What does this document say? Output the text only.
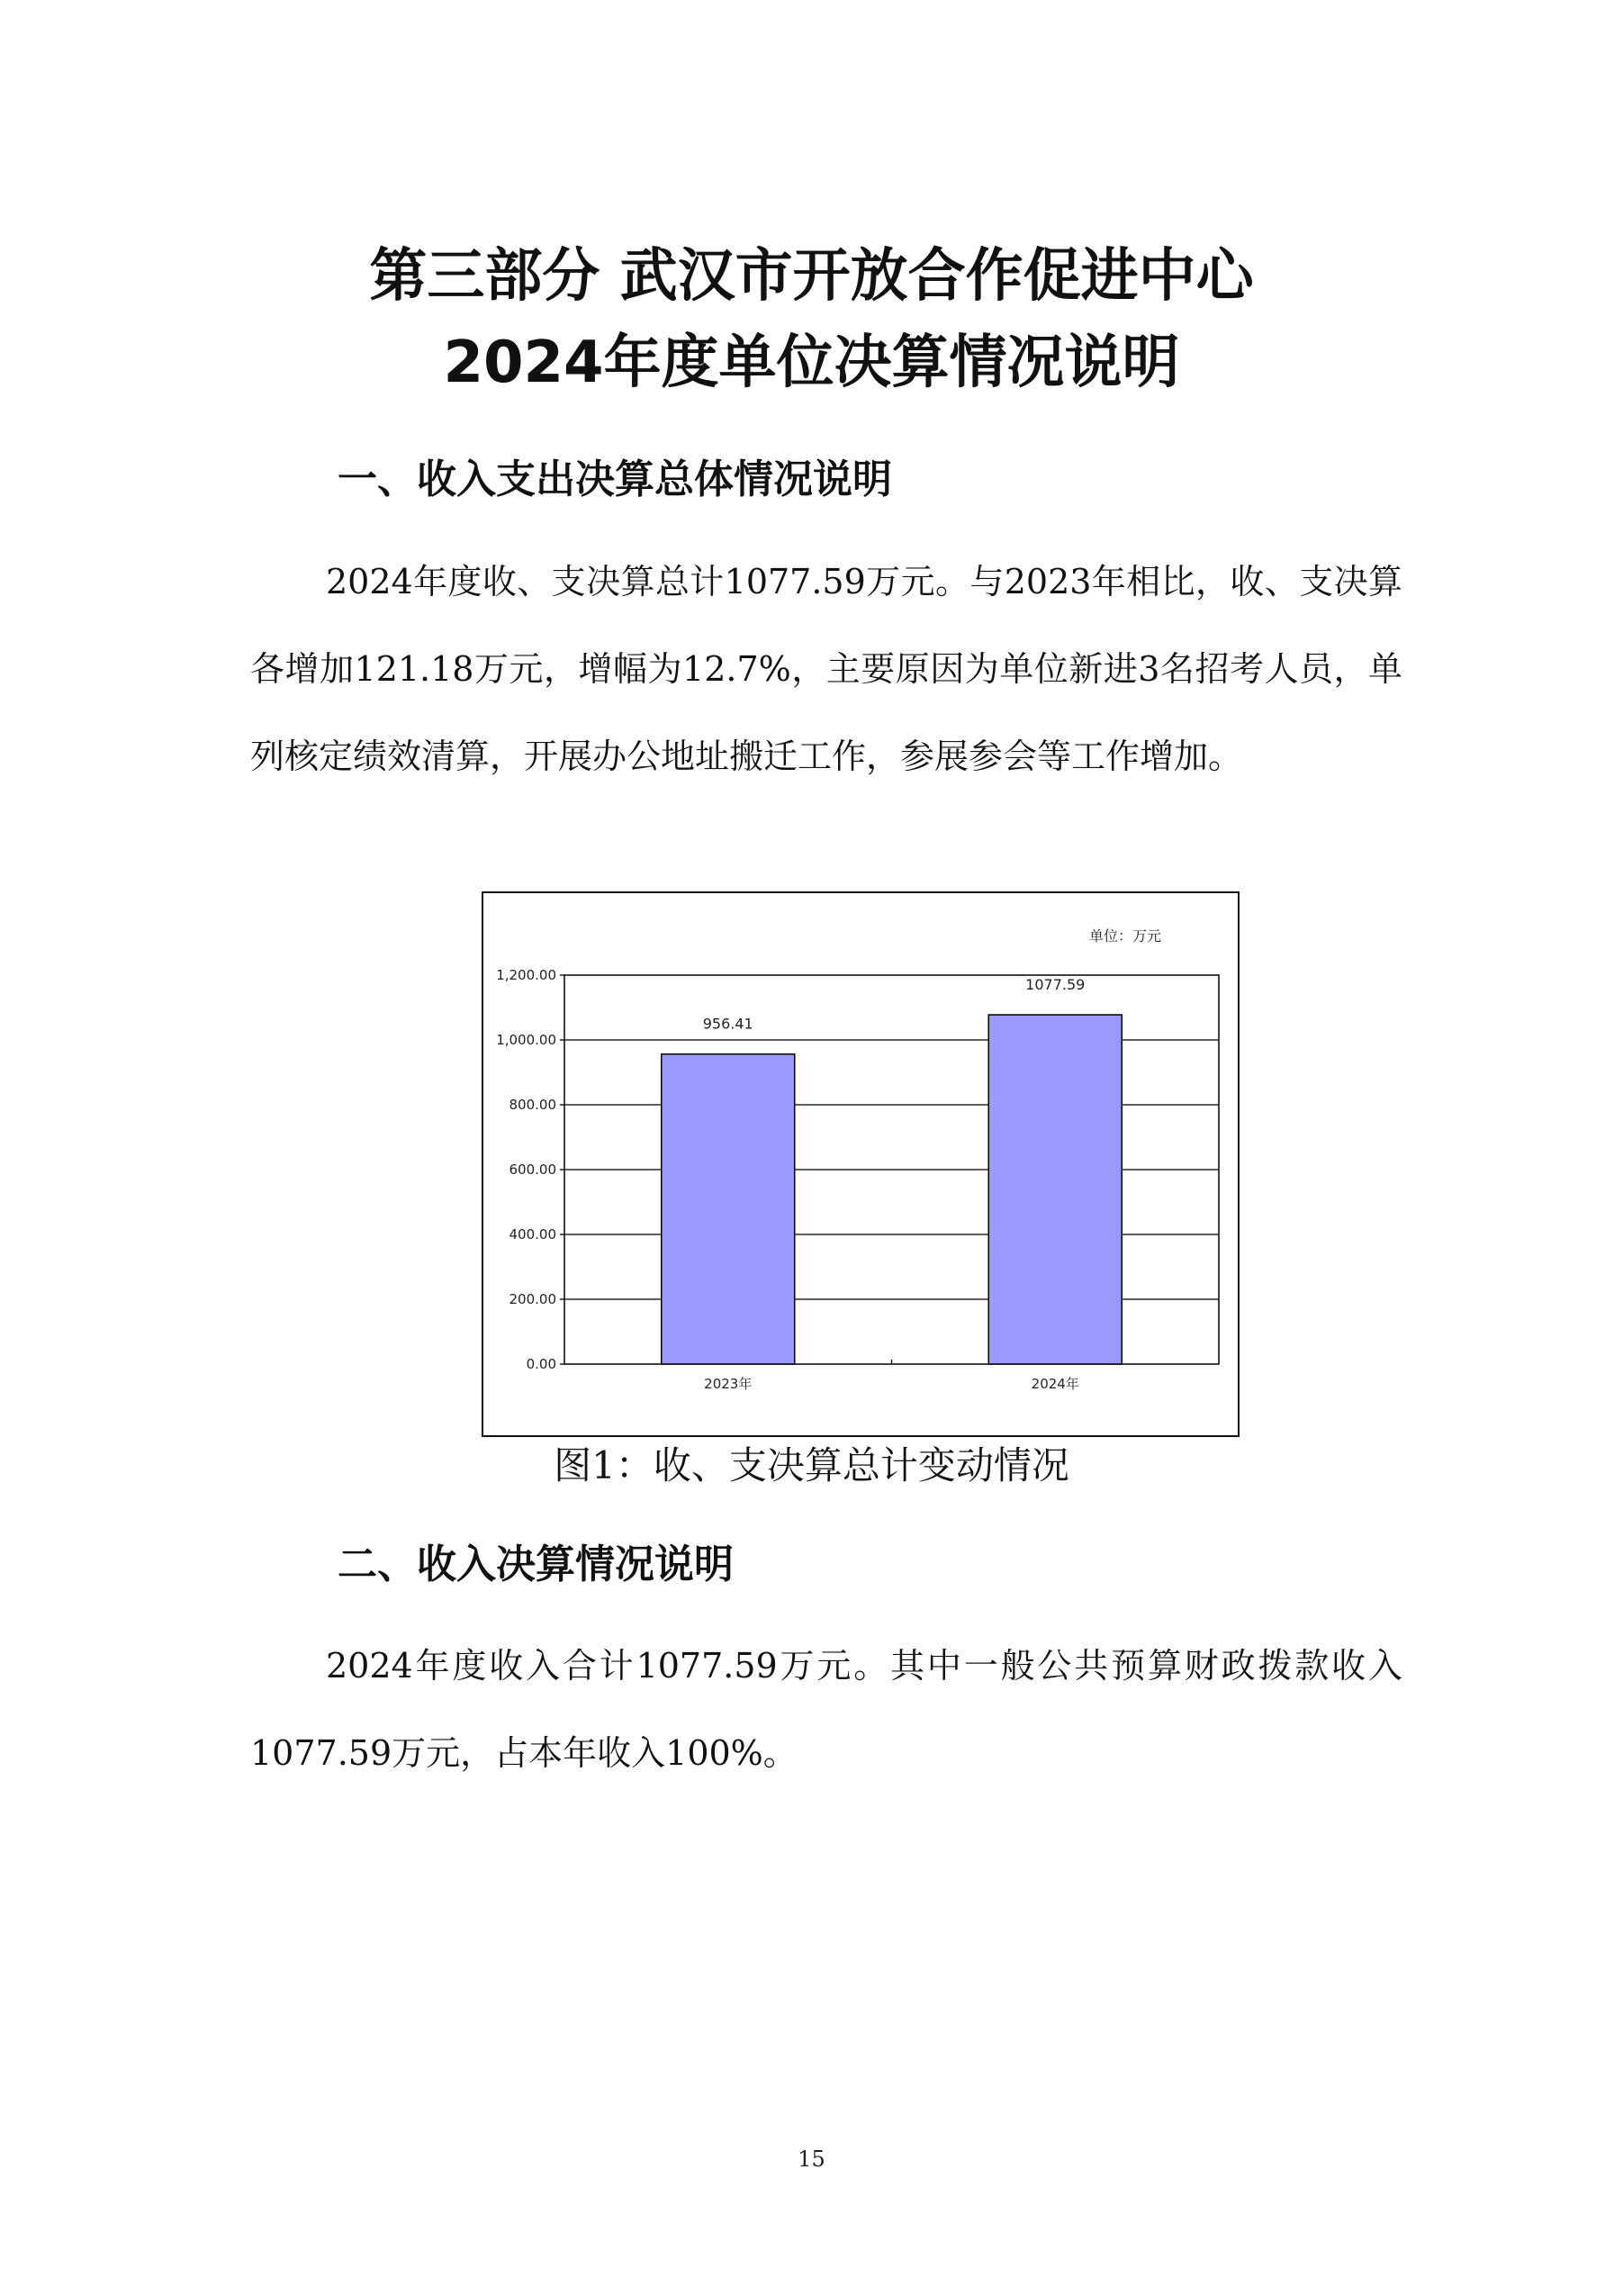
第三部分 武汉市开放合作促进中心
2024年度单位决算情况说明
一、收入支出决算总体情况说明

2024年度收、支决算总计1077.59万元。与2023年相比，收、支决算各增加121.18万元，增幅为12.7%，主要原因为单位新进3名招考人员，单列核定绩效清算，开展办公地址搬迁工作，参展参会等工作增加。

0.00
200.00
400.00
600.00
800.00
1,000.00
1,200.00
956.41
2023年
1077.59
2024年
单位：万元
图1：收、支决算总计变动情况
二、收入决算情况说明

2024年度收入合计1077.59万元。其中一般公共预算财政拨款收入1077.59万元，占本年收入100%。

15
